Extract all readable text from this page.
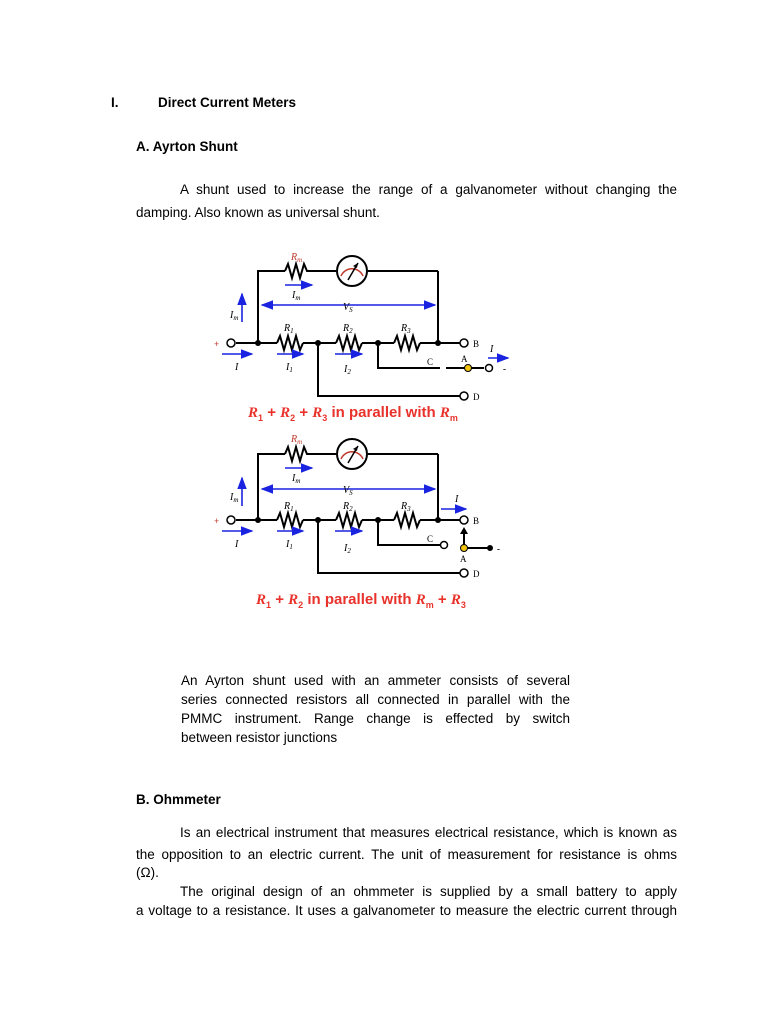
I.	Direct Current Meters
A. Ayrton Shunt
A shunt used to increase the range of a galvanometer without changing the
damping. Also known as universal shunt.
$R_m$
$I_m$
$V_S$
$I_m$
$R_1$	$R_2$	$R_3$
I	$I_1$	$I_2$
I
+
-
B
A
C
D
$R_1 + R_2 + R_3$ in parallel with $R_m$
$R_m$
$I_m$
$V_S$
$I_m$
$R_1$	$R_2$	$R_3$
I	$I_1$	$I_2$
I
+
-
B
A
C
D
$R_1 + R_2$ in parallel with $R_m + R_3$
An Ayrton shunt used with an ammeter consists of several
series connected resistors all connected in parallel with the
PMMC instrument. Range change is effected by switch
between resistor junctions
B. Ohmmeter
Is an electrical instrument that measures electrical resistance, which is known as
the opposition to an electric current. The unit of measurement for resistance is ohms
(Ω).
The original design of an ohmmeter is supplied by a small battery to apply
a voltage to a resistance. It uses a galvanometer to measure the electric current through
